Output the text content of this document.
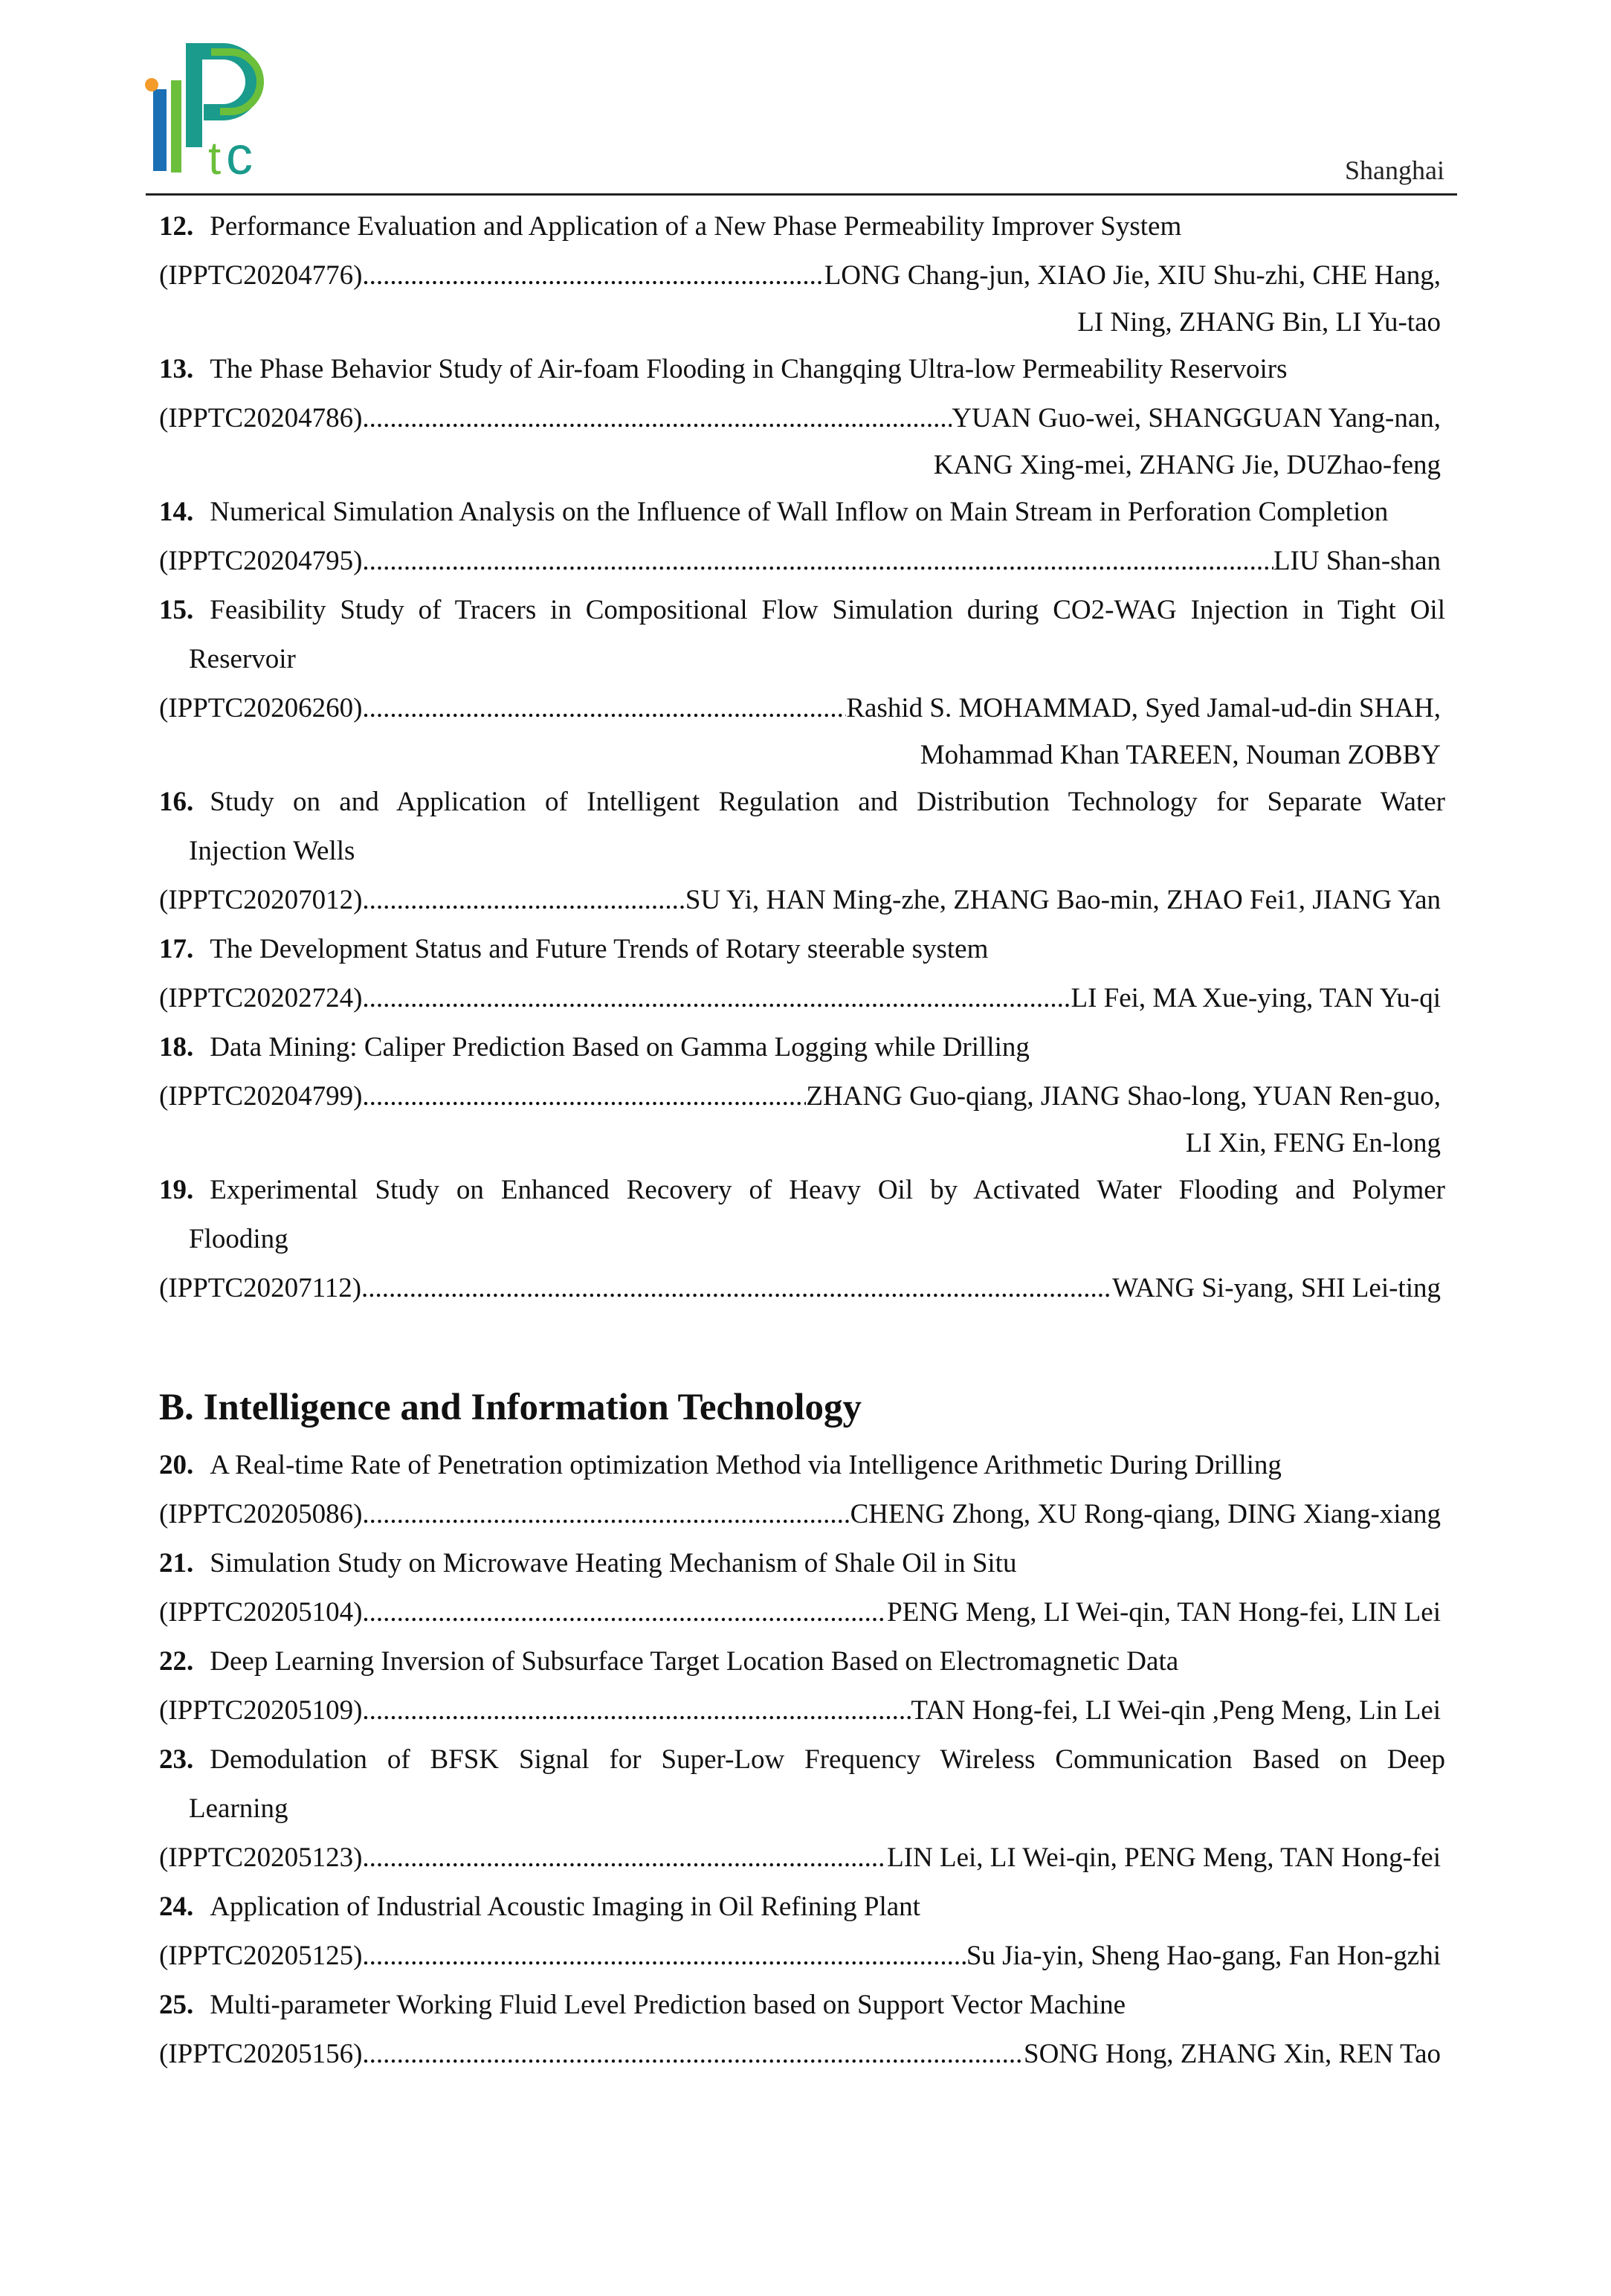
t c	Shanghai
12. Performance Evaluation and Application of a New Phase Permeability Improver System
(IPPTC20204776) .....	LONG Chang-jun, XIAO Jie, XIU Shu-zhi, CHE Hang,
LI Ning, ZHANG Bin, LI Yu-tao
13. The Phase Behavior Study of Air-foam Flooding in Changqing Ultra-low Permeability Reservoirs
(IPPTC20204786) .....	YUAN Guo-wei, SHANGGUAN Yang-nan,
KANG Xing-mei, ZHANG Jie, DUZhao-feng
14. Numerical Simulation Analysis on the Influence of Wall Inflow on Main Stream in Perforation Completion
(IPPTC20204795) .....	LIU Shan-shan
15. Feasibility Study of Tracers in Compositional Flow Simulation during CO2-WAG Injection in Tight Oil
Reservoir
(IPPTC20206260) .....	Rashid S. MOHAMMAD, Syed Jamal-ud-din SHAH,
Mohammad Khan TAREEN, Nouman ZOBBY
16. Study on and Application of Intelligent Regulation and Distribution Technology for Separate Water
Injection Wells
(IPPTC20207012) .....	SU Yi, HAN Ming-zhe, ZHANG Bao-min, ZHAO Fei1, JIANG Yan
17. The Development Status and Future Trends of Rotary steerable system
(IPPTC20202724) .....	LI Fei, MA Xue-ying, TAN Yu-qi
18. Data Mining: Caliper Prediction Based on Gamma Logging while Drilling
(IPPTC20204799) .....	ZHANG Guo-qiang, JIANG Shao-long, YUAN Ren-guo,
LI Xin, FENG En-long
19. Experimental Study on Enhanced Recovery of Heavy Oil by Activated Water Flooding and Polymer
Flooding
(IPPTC20207112) .....	WANG Si-yang, SHI Lei-ting
B. Intelligence and Information Technology
20. A Real-time Rate of Penetration optimization Method via Intelligence Arithmetic During Drilling
(IPPTC20205086) .....	CHENG Zhong, XU Rong-qiang, DING Xiang-xiang
21. Simulation Study on Microwave Heating Mechanism of Shale Oil in Situ
(IPPTC20205104) .....	PENG Meng, LI Wei-qin, TAN Hong-fei, LIN Lei
22. Deep Learning Inversion of Subsurface Target Location Based on Electromagnetic Data
(IPPTC20205109) .....	TAN Hong-fei, LI Wei-qin ,Peng Meng, Lin Lei
23. Demodulation of BFSK Signal for Super-Low Frequency Wireless Communication Based on Deep
Learning
(IPPTC20205123) .....	LIN Lei, LI Wei-qin, PENG Meng, TAN Hong-fei
24. Application of Industrial Acoustic Imaging in Oil Refining Plant
(IPPTC20205125) .....	Su Jia-yin, Sheng Hao-gang, Fan Hon-gzhi
25. Multi-parameter Working Fluid Level Prediction based on Support Vector Machine
(IPPTC20205156) .....	SONG Hong, ZHANG Xin, REN Tao
